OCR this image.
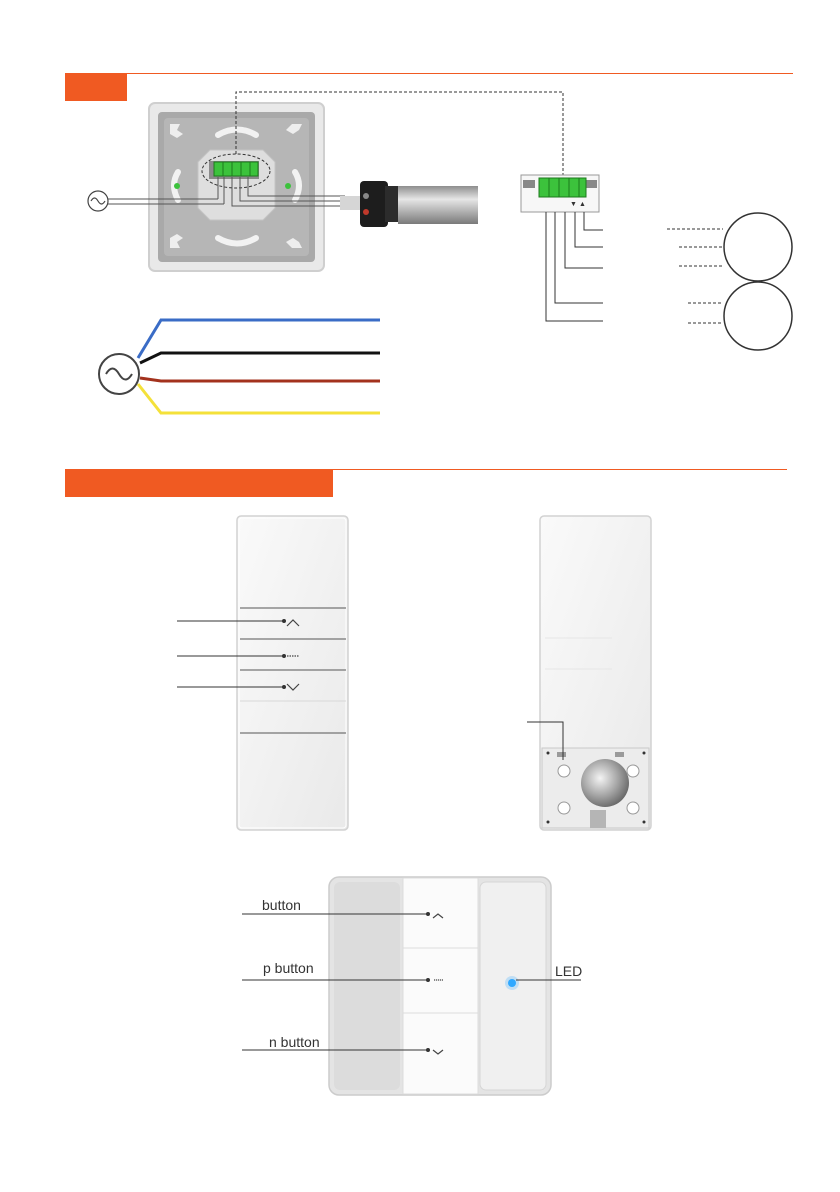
▼ ▲
button
p button
n button
LED
